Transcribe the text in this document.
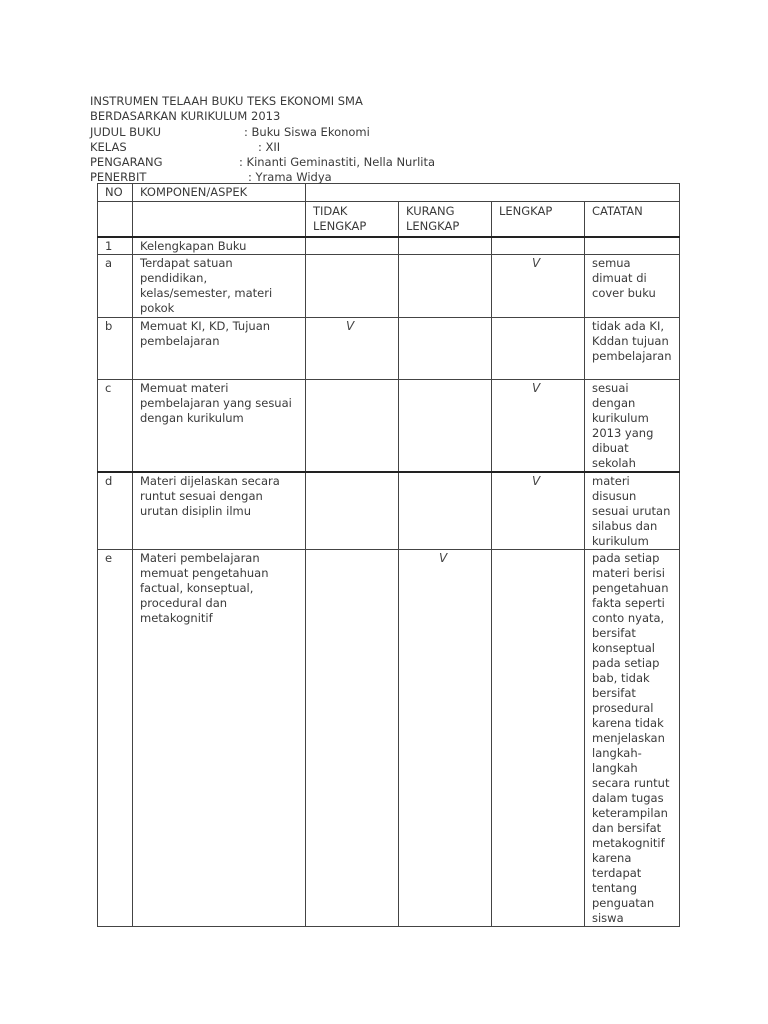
INSTRUMEN TELAAH BUKU TEKS EKONOMI SMA
BERDASARKAN KURIKULUM 2013
JUDUL BUKU	: Buku Siswa Ekonomi
KELAS	: XII
PENGARANG	: Kinanti Geminastiti, Nella Nurlita
PENERBIT	: Yrama Widya
NO	KOMPONEN/ASPEK				
		TIDAK LENGKAP	KURANG LENGKAP	LENGKAP	CATATAN
1	Kelengkapan Buku				
a	Terdapat satuan pendidikan, kelas/semester, materi pokok			V	semua dimuat di cover buku
b	Memuat KI, KD, Tujuan pembelajaran	V			tidak ada KI, Kddan tujuan pembelajaran
c	Memuat materi pembelajaran yang sesuai dengan kurikulum			V	sesuai dengan kurikulum 2013 yang dibuat sekolah
d	Materi dijelaskan secara runtut sesuai dengan urutan disiplin ilmu			V	materi disusun sesuai urutan silabus dan kurikulum
e	Materi pembelajaran memuat pengetahuan factual, konseptual, procedural dan metakognitif		V		pada setiap materi berisi pengetahuan fakta seperti conto nyata, bersifat konseptual pada setiap bab, tidak bersifat prosedural karena tidak menjelaskan langkah-langkah secara runtut dalam tugas keterampilan dan bersifat metakognitif karena terdapat tentang penguatan siswa
